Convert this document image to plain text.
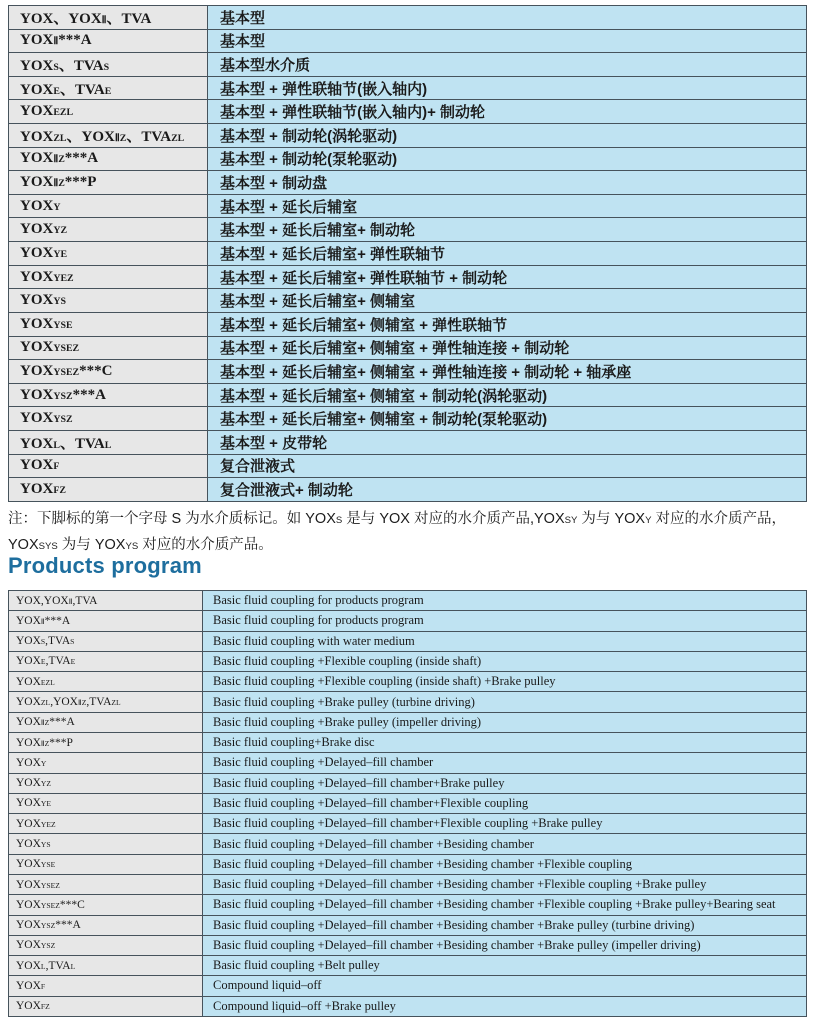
YOX、YOXⅡ、TVA	基本型
YOXⅡ***A	基本型
YOXS、TVAS	基本型水介质
YOXE、TVAE	基本型 + 弹性联轴节(嵌入轴内)
YOXEZL	基本型 + 弹性联轴节(嵌入轴内)+ 制动轮
YOXZL、YOXⅡZ、TVAZL	基本型 + 制动轮(涡轮驱动)
YOXⅡZ***A	基本型 + 制动轮(泵轮驱动)
YOXⅡZ***P	基本型 + 制动盘
YOXY	基本型 + 延长后辅室
YOXYZ	基本型 + 延长后辅室+ 制动轮
YOXYE	基本型 + 延长后辅室+ 弹性联轴节
YOXYEZ	基本型 + 延长后辅室+ 弹性联轴节 + 制动轮
YOXYS	基本型 + 延长后辅室+ 侧辅室
YOXYSE	基本型 + 延长后辅室+ 侧辅室 + 弹性联轴节
YOXYSEZ	基本型 + 延长后辅室+ 侧辅室 + 弹性轴连接 + 制动轮
YOXYSEZ***C	基本型 + 延长后辅室+ 侧辅室 + 弹性轴连接 + 制动轮 + 轴承座
YOXYSZ***A	基本型 + 延长后辅室+ 侧辅室 + 制动轮(涡轮驱动)
YOXYSZ	基本型 + 延长后辅室+ 侧辅室 + 制动轮(泵轮驱动)
YOXL、TVAL	基本型 + 皮带轮
YOXF	复合泄液式
YOXFZ	复合泄液式+ 制动轮

注：下脚标的第一个字母 S 为水介质标记。如 YOXS 是与 YOX 对应的水介质产品,YOXSY 为与 YOXY 对应的水介质产品，

YOXSYS 为与 YOXYS 对应的水介质产品。

Products program
YOX,YOXⅡ,TVA	Basic fluid coupling for products program
YOXⅡ***A	Basic fluid coupling for products program
YOXS,TVAS	Basic fluid coupling with water medium
YOXE,TVAE	Basic fluid coupling +Flexible coupling (inside shaft)
YOXEZL	Basic fluid coupling +Flexible coupling (inside shaft) +Brake pulley
YOXZL,YOXⅡZ,TVAZL	Basic fluid coupling +Brake pulley (turbine driving)
YOXⅡZ***A	Basic fluid coupling +Brake pulley (impeller driving)
YOXⅡZ***P	Basic fluid coupling+Brake disc
YOXY	Basic fluid coupling +Delayed–fill chamber
YOXYZ	Basic fluid coupling +Delayed–fill chamber+Brake pulley
YOXYE	Basic fluid coupling +Delayed–fill chamber+Flexible coupling
YOXYEZ	Basic fluid coupling +Delayed–fill chamber+Flexible coupling +Brake pulley
YOXYS	Basic fluid coupling +Delayed–fill chamber +Besiding chamber
YOXYSE	Basic fluid coupling +Delayed–fill chamber +Besiding chamber +Flexible coupling
YOXYSEZ	Basic fluid coupling +Delayed–fill chamber +Besiding chamber +Flexible coupling +Brake pulley
YOXYSEZ***C	Basic fluid coupling +Delayed–fill chamber +Besiding chamber +Flexible coupling +Brake pulley+Bearing seat
YOXYSZ***A	Basic fluid coupling +Delayed–fill chamber +Besiding chamber +Brake pulley (turbine driving)
YOXYSZ	Basic fluid coupling +Delayed–fill chamber +Besiding chamber +Brake pulley (impeller driving)
YOXL,TVAL	Basic fluid coupling +Belt pulley
YOXF	Compound liquid–off
YOXFZ	Compound liquid–off +Brake pulley
